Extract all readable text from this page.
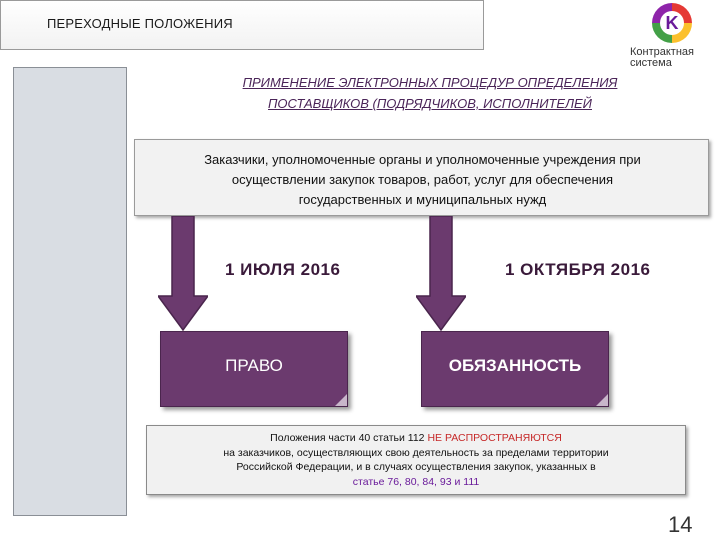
ПЕРЕХОДНЫЕ ПОЛОЖЕНИЯ	K
Контрактная
система
ПРИМЕНЕНИЕ ЭЛЕКТРОННЫХ ПРОЦЕДУР ОПРЕДЕЛЕНИЯ
ПОСТАВЩИКОВ (ПОДРЯДЧИКОВ, ИСПОЛНИТЕЛЕЙ
Заказчики, уполномоченные органы и уполномоченные учреждения при
осуществлении закупок товаров, работ, услуг для обеспечения
государственных и муниципальных нужд
1 ИЮЛЯ 2016	1 ОКТЯБРЯ 2016
ПРАВО	ОБЯЗАННОСТЬ
Положения части 40 статьи 112 НЕ РАСПРОСТРАНЯЮТСЯ
на заказчиков, осуществляющих свою деятельность за пределами территории
Российской Федерации, и в случаях осуществления закупок, указанных в
статье 76, 80, 84, 93 и 111
14
